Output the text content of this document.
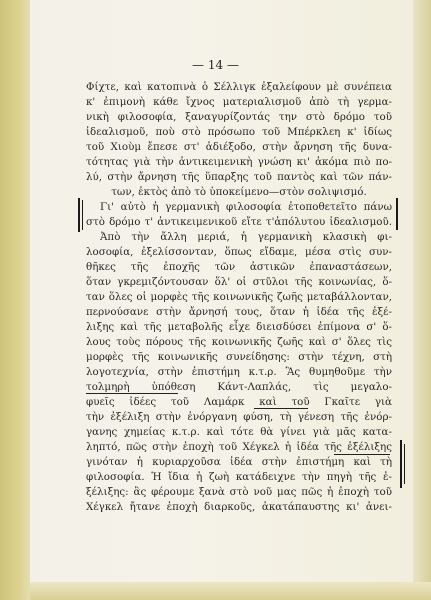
— 14 —
Φίχτε, καὶ κατοπινὰ ὁ Σέλλιγκ ἐξαλείφουν μὲ συνέπεια
κ' ἐπιμονὴ κάθε ἴχνος ματεριαλισμοῦ ἀπὸ τὴ γερμα-
νικὴ φιλοσοφία, ξαναγυρίζοντάς την στὸ δρόμο τοῦ
ἰδεαλισμοῦ, ποὺ στὸ πρόσωπο τοῦ Μπέρκλεη κ' ἰδίως
τοῦ Χιοὺμ ἔπεσε στ' ἀδιέξοδο, στὴν ἄρνηση τῆς δυνα-
τότητας γιὰ τὴν ἀντικειμενικὴ γνώση κι' ἀκόμα πιὸ πο-
λύ, στὴν ἄρνηση τῆς ὕπαρξης τοῦ παντὸς καὶ τῶν πάν-
των, ἐκτὸς ἀπὸ τὸ ὑποκείμενο—στὸν σολιψισμό.
Γι' αὐτὸ ἡ γερμανικὴ φιλοσοφία ἐτοποθετεῖτο πάνω
στὸ δρόμο τ' ἀντικειμενικοῦ εἴτε τ'ἀπόλυτου ἰδεαλισμοῦ.
Ἀπὸ τὴν ἄλλη μεριά, ἡ γερμανικὴ κλασικὴ φι-
λοσοφία, ἐξελίσσονταν, ὅπως εἴδαμε, μέσα στὶς συν-
θῆκες τῆς ἐποχῆς τῶν ἀστικῶν ἐπαναστάσεων,
ὅταν γκρεμιζόντουσαν ὅλ' οἱ στῦλοι τῆς κοινωνίας, ὅ-
ταν ὅλες οἱ μορφὲς τῆς κοινωνικῆς ζωῆς μεταβάλλονταν,
περνούσανε στὴν ἄρνησή τους, ὅταν ἡ ἰδέα τῆς ἐξέ-
λιξης καὶ τῆς μεταβολῆς εἶχε διεισδύσει ἐπίμονα σ' ὅ-
λους τοὺς πόρους τῆς κοινωνικῆς ζωῆς καὶ σ' ὅλες τὶς
μορφὲς τῆς κοινωνικῆς συνείδησης: στὴν τέχνη, στὴ
λογοτεχνία, στὴν ἐπιστήμη κ.τ.ρ. Ἂς θυμηθοῦμε τὴν
τολμηρὴ ὑπόθεση Κάντ-Λαπλάς, τὶς μεγαλο-
φυεῖς ἰδέες τοῦ Λαμάρκ καὶ τοῦ Γκαῖτε γιὰ
τὴν ἐξέλιξη στὴν ἐνόργανη φύση, τὴ γένεση τῆς ἐνόρ-
γανης χημείας κ.τ.ρ. καὶ τότε θὰ γίνει γιὰ μᾶς κατα-
ληπτό, πῶς στὴν ἐποχὴ τοῦ Χέγκελ ἡ ἰδέα τῆς ἐξέλιξης
γινόταν ἡ κυριαρχοῦσα ἰδέα στὴν ἐπιστήμη καὶ τὴ
φιλοσοφία. Ἡ ἴδια ἡ ζωὴ κατάδειχνε τὴν πηγὴ τῆς ἐ-
ξέλιξης: ἂς φέρουμε ξανὰ στὸ νοῦ μας πῶς ἡ ἐποχὴ τοῦ
Χέγκελ ἤτανε ἐποχὴ διαρκοῦς, ἀκατάπαυστης κι' ἀνει-
